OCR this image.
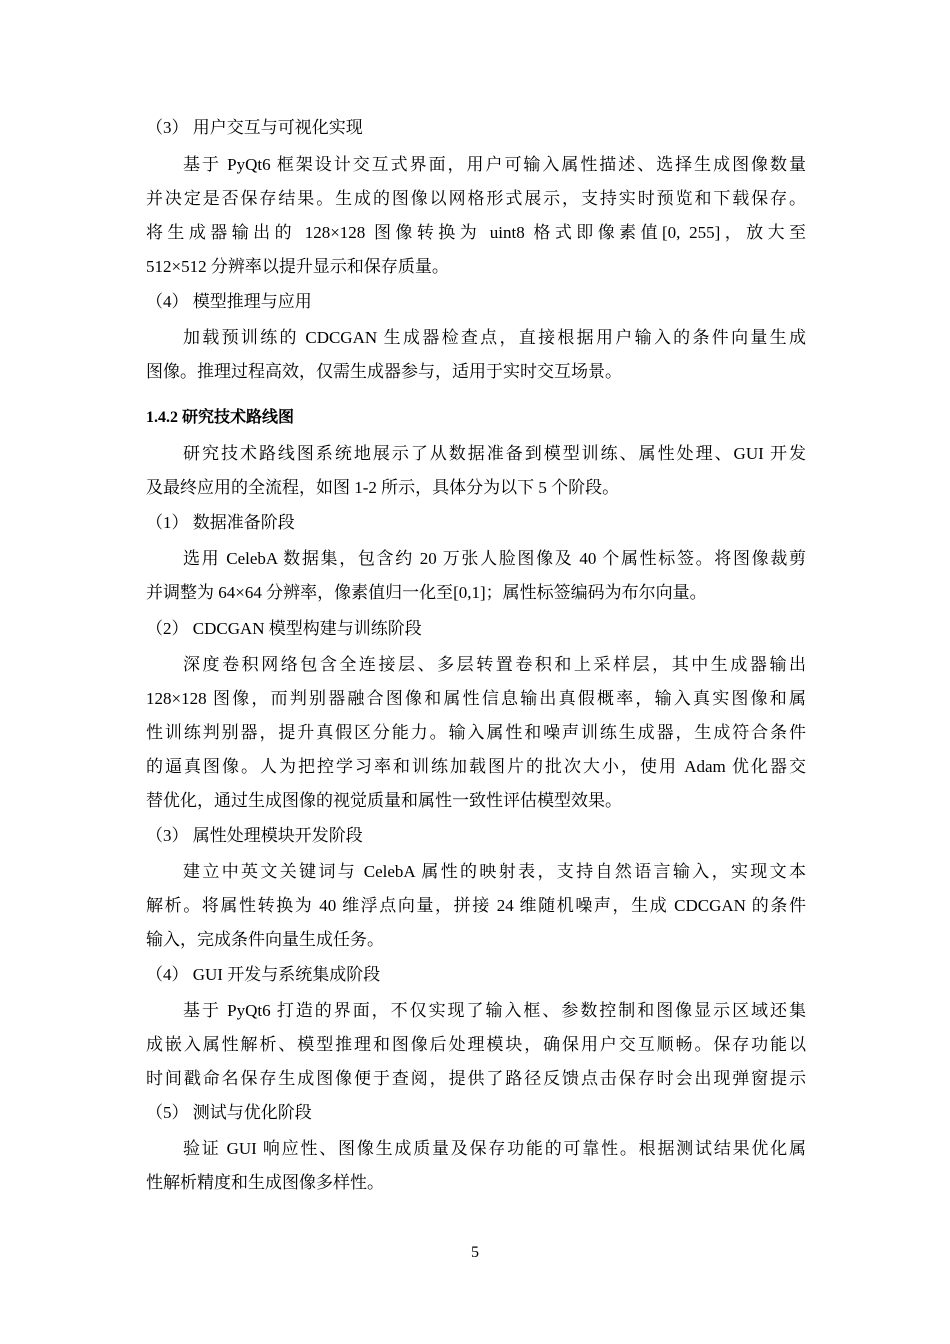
（3） 用户交互与可视化实现
基于 PyQt6 框架设计交互式界面，用户可输入属性描述、选择生成图像数量
并决定是否保存结果。生成的图像以网格形式展示，支持实时预览和下载保存。
将生成器输出的 128×128 图像转换为 uint8 格式即像素值[0, 255]，放大至
512×512 分辨率以提升显示和保存质量。
（4） 模型推理与应用
加载预训练的 CDCGAN 生成器检查点，直接根据用户输入的条件向量生成
图像。推理过程高效，仅需生成器参与，适用于实时交互场景。
1.4.2 研究技术路线图
研究技术路线图系统地展示了从数据准备到模型训练、属性处理、GUI 开发
及最终应用的全流程，如图 1-2 所示，具体分为以下 5 个阶段。
（1） 数据准备阶段
选用 CelebA 数据集，包含约 20 万张人脸图像及 40 个属性标签。将图像裁剪
并调整为 64×64 分辨率，像素值归一化至[0,1]；属性标签编码为布尔向量。
（2） CDCGAN 模型构建与训练阶段
深度卷积网络包含全连接层、多层转置卷积和上采样层，其中生成器输出
128×128 图像，而判别器融合图像和属性信息输出真假概率，输入真实图像和属
性训练判别器，提升真假区分能力。输入属性和噪声训练生成器，生成符合条件
的逼真图像。人为把控学习率和训练加载图片的批次大小，使用 Adam 优化器交
替优化，通过生成图像的视觉质量和属性一致性评估模型效果。
（3） 属性处理模块开发阶段
建立中英文关键词与 CelebA 属性的映射表，支持自然语言输入，实现文本
解析。将属性转换为 40 维浮点向量，拼接 24 维随机噪声，生成 CDCGAN 的条件
输入，完成条件向量生成任务。
（4） GUI 开发与系统集成阶段
基于 PyQt6 打造的界面，不仅实现了输入框、参数控制和图像显示区域还集
成嵌入属性解析、模型推理和图像后处理模块，确保用户交互顺畅。保存功能以
时间戳命名保存生成图像便于查阅，提供了路径反馈点击保存时会出现弹窗提示
（5） 测试与优化阶段
验证 GUI 响应性、图像生成质量及保存功能的可靠性。根据测试结果优化属
性解析精度和生成图像多样性。
5
